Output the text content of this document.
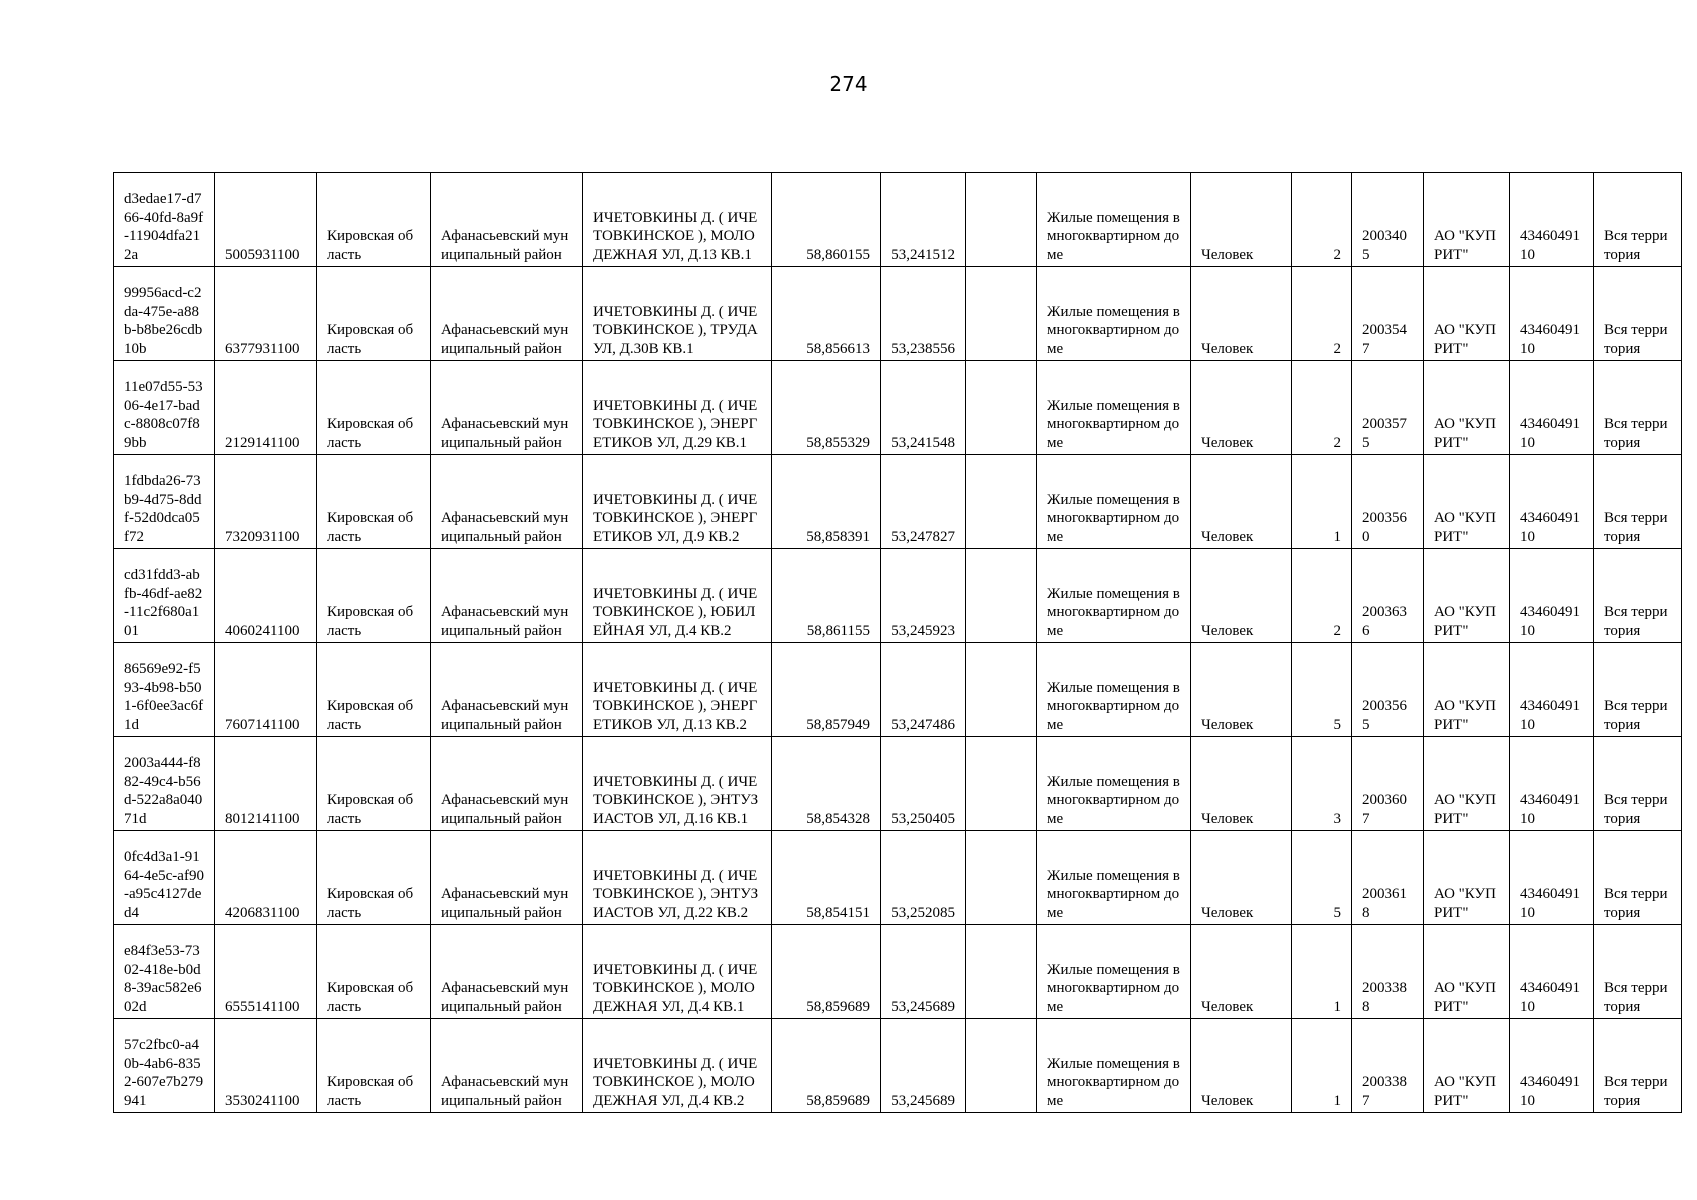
274
d3edae17-d766-40fd-8a9f-11904dfa212a	5005931100	Кировская область	Афанасьевский муниципальный район	ИЧЕТОВКИНЫ Д. ( ИЧЕТОВКИНСКОЕ ), МОЛОДЕЖНАЯ УЛ, Д.13 КВ.1	58,860155	53,241512		Жилые помещения в многоквартирном доме	Человек	2	2003405	АО "КУПРИТ"	4346049110	Вся территория
99956acd-c2da-475e-a88b-b8be26cdb10b	6377931100	Кировская область	Афанасьевский муниципальный район	ИЧЕТОВКИНЫ Д. ( ИЧЕТОВКИНСКОЕ ), ТРУДА УЛ, Д.30В КВ.1	58,856613	53,238556		Жилые помещения в многоквартирном доме	Человек	2	2003547	АО "КУПРИТ"	4346049110	Вся территория
11e07d55-5306-4e17-badc-8808c07f89bb	2129141100	Кировская область	Афанасьевский муниципальный район	ИЧЕТОВКИНЫ Д. ( ИЧЕТОВКИНСКОЕ ), ЭНЕРГЕТИКОВ УЛ, Д.29 КВ.1	58,855329	53,241548		Жилые помещения в многоквартирном доме	Человек	2	2003575	АО "КУПРИТ"	4346049110	Вся территория
1fdbda26-73b9-4d75-8ddf-52d0dca05f72	7320931100	Кировская область	Афанасьевский муниципальный район	ИЧЕТОВКИНЫ Д. ( ИЧЕТОВКИНСКОЕ ), ЭНЕРГЕТИКОВ УЛ, Д.9 КВ.2	58,858391	53,247827		Жилые помещения в многоквартирном доме	Человек	1	2003560	АО "КУПРИТ"	4346049110	Вся территория
cd31fdd3-abfb-46df-ae82-11c2f680a101	4060241100	Кировская область	Афанасьевский муниципальный район	ИЧЕТОВКИНЫ Д. ( ИЧЕТОВКИНСКОЕ ), ЮБИЛЕЙНАЯ УЛ, Д.4 КВ.2	58,861155	53,245923		Жилые помещения в многоквартирном доме	Человек	2	2003636	АО "КУПРИТ"	4346049110	Вся территория
86569e92-f593-4b98-b501-6f0ee3ac6f1d	7607141100	Кировская область	Афанасьевский муниципальный район	ИЧЕТОВКИНЫ Д. ( ИЧЕТОВКИНСКОЕ ), ЭНЕРГЕТИКОВ УЛ, Д.13 КВ.2	58,857949	53,247486		Жилые помещения в многоквартирном доме	Человек	5	2003565	АО "КУПРИТ"	4346049110	Вся территория
2003a444-f882-49c4-b56d-522a8a04071d	8012141100	Кировская область	Афанасьевский муниципальный район	ИЧЕТОВКИНЫ Д. ( ИЧЕТОВКИНСКОЕ ), ЭНТУЗИАСТОВ УЛ, Д.16 КВ.1	58,854328	53,250405		Жилые помещения в многоквартирном доме	Человек	3	2003607	АО "КУПРИТ"	4346049110	Вся территория
0fc4d3a1-9164-4e5c-af90-a95c4127ded4	4206831100	Кировская область	Афанасьевский муниципальный район	ИЧЕТОВКИНЫ Д. ( ИЧЕТОВКИНСКОЕ ), ЭНТУЗИАСТОВ УЛ, Д.22 КВ.2	58,854151	53,252085		Жилые помещения в многоквартирном доме	Человек	5	2003618	АО "КУПРИТ"	4346049110	Вся территория
e84f3e53-7302-418e-b0d8-39ac582e602d	6555141100	Кировская область	Афанасьевский муниципальный район	ИЧЕТОВКИНЫ Д. ( ИЧЕТОВКИНСКОЕ ), МОЛОДЕЖНАЯ УЛ, Д.4 КВ.1	58,859689	53,245689		Жилые помещения в многоквартирном доме	Человек	1	2003388	АО "КУПРИТ"	4346049110	Вся территория
57c2fbc0-a40b-4ab6-8352-607e7b279941	3530241100	Кировская область	Афанасьевский муниципальный район	ИЧЕТОВКИНЫ Д. ( ИЧЕТОВКИНСКОЕ ), МОЛОДЕЖНАЯ УЛ, Д.4 КВ.2	58,859689	53,245689		Жилые помещения в многоквартирном доме	Человек	1	2003387	АО "КУПРИТ"	4346049110	Вся территория
